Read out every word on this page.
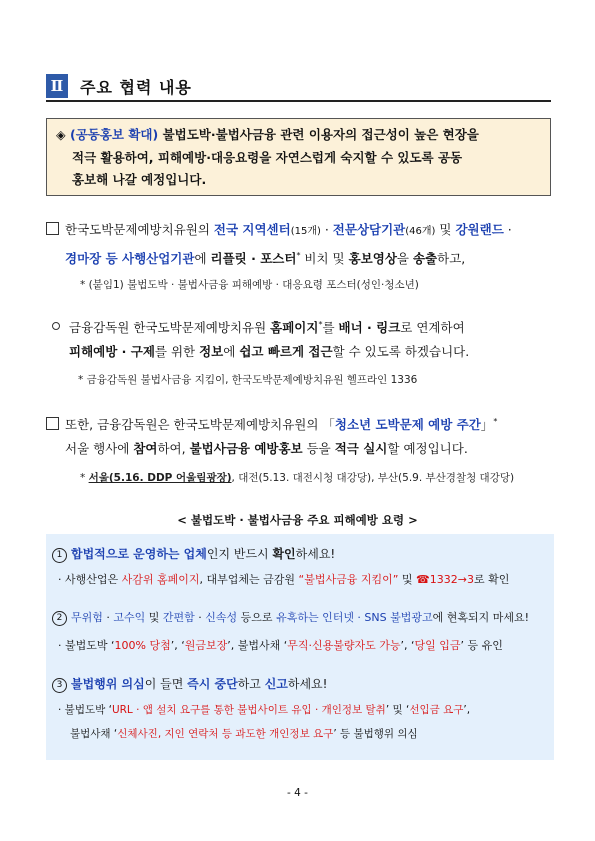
Ⅱ 주요 협력 내용
◈ (공동홍보 확대) 불법도박·불법사금융 관련 이용자의 접근성이 높은 현장을
적극 활용하여, 피해예방·대응요령을 자연스럽게 숙지할 수 있도록 공동
홍보해 나갈 예정입니다.
한국도박문제예방치유원의 전국 지역센터(15개) · 전문상담기관(46개) 및 강원랜드 ·
경마장 등 사행산업기관에 리플릿 · 포스터* 비치 및 홍보영상을 송출하고,
* (붙임1) 불법도박 · 불법사금융 피해예방 · 대응요령 포스터(성인·청소년)
금융감독원 한국도박문제예방치유원 홈페이지*를 배너 · 링크로 연계하여
피해예방 · 구제를 위한 정보에 쉽고 빠르게 접근할 수 있도록 하겠습니다.
* 금융감독원 불법사금융 지킴이, 한국도박문제예방치유원 헬프라인 1336
또한, 금융감독원은 한국도박문제예방치유원의 「청소년 도박문제 예방 주간」*
서울 행사에 참여하여, 불법사금융 예방홍보 등을 적극 실시할 예정입니다.
* 서울(5.16. DDP 어울림광장), 대전(5.13. 대전시청 대강당), 부산(5.9. 부산경찰청 대강당)
< 불법도박 · 불법사금융 주요 피해예방 요령 >
1 합법적으로 운영하는 업체인지 반드시 확인하세요!
· 사행산업은 사감위 홈페이지, 대부업체는 금감원 “불법사금융 지킴이” 및 ☎1332→3로 확인
2 무위험 · 고수익 및 간편함 · 신속성 등으로 유혹하는 인터넷 · SNS 불법광고에 현혹되지 마세요!
· 불법도박 ‘100% 당첨’, ‘원금보장’, 불법사채 ‘무직·신용불량자도 가능’, ‘당일 입금’ 등 유인
3 불법행위 의심이 들면 즉시 중단하고 신고하세요!
· 불법도박 ‘URL · 앱 설치 요구를 통한 불법사이트 유입 · 개인정보 탈취’ 및 ‘선입금 요구’,
불법사채 ‘신체사진, 지인 연락처 등 과도한 개인정보 요구’ 등 불법행위 의심
- 4 -
